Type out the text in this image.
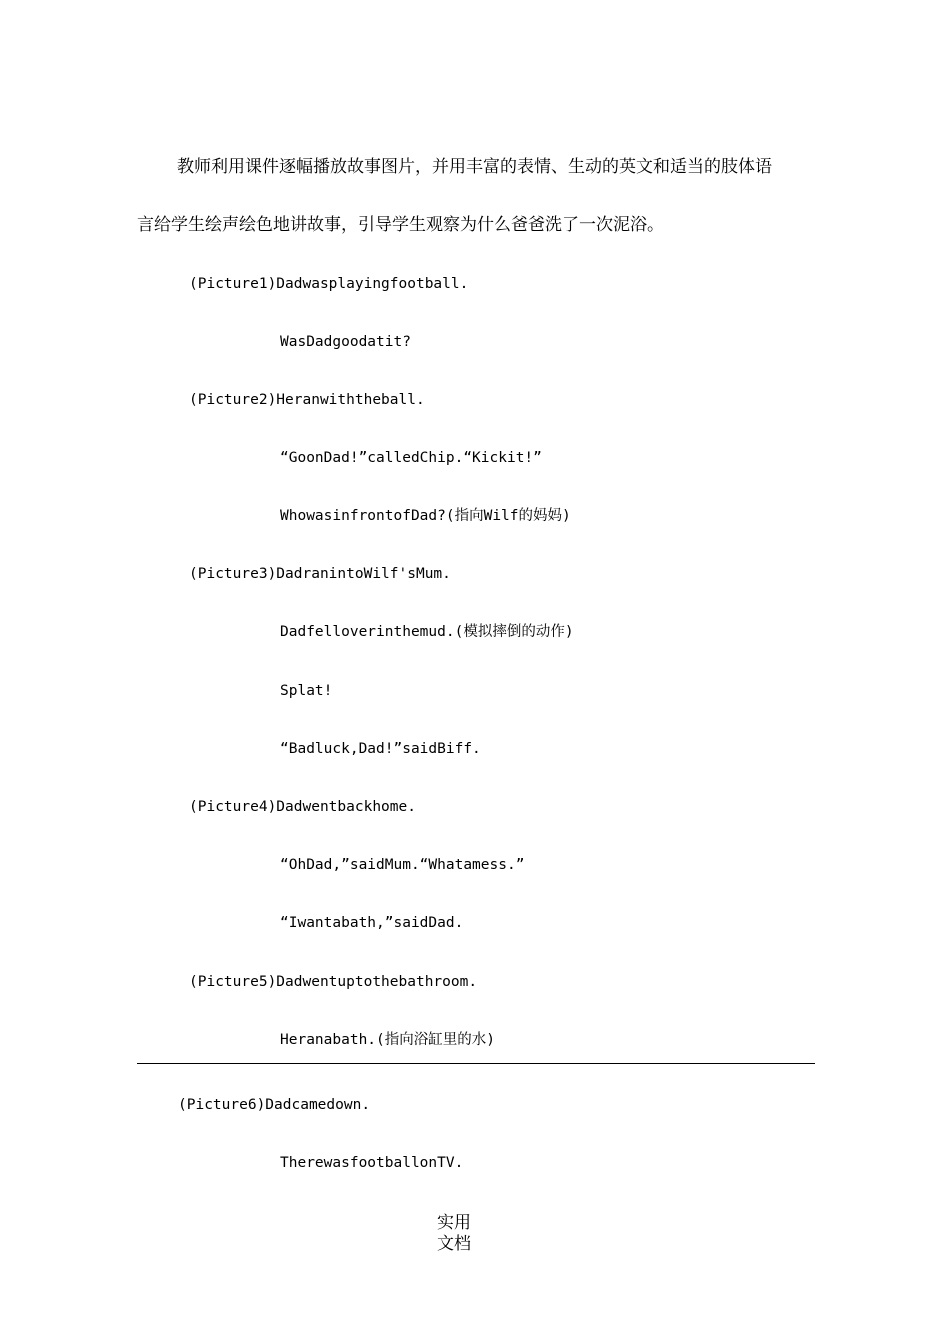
教师利用课件逐幅播放故事图片，并用丰富的表情、生动的英文和适当的肢体语
言给学生绘声绘色地讲故事，引导学生观察为什么爸爸洗了一次泥浴。
(Picture1)Dadwasplayingfootball.
WasDadgoodatit?
(Picture2)Heranwiththeball.
“GoonDad!”calledChip.“Kickit!”
WhowasinfrontofDad?(指向Wilf的妈妈)
(Picture3)DadranintoWilf'sMum.
Dadfelloverinthemud.(模拟摔倒的动作)
Splat!
“Badluck,Dad!”saidBiff.
(Picture4)Dadwentbackhome.
“OhDad,”saidMum.“Whatamess.”
“Iwantabath,”saidDad.
(Picture5)Dadwentuptothebathroom.
Heranabath.(指向浴缸里的水)
(Picture6)Dadcamedown.
TherewasfootballonTV.
实用
文档
